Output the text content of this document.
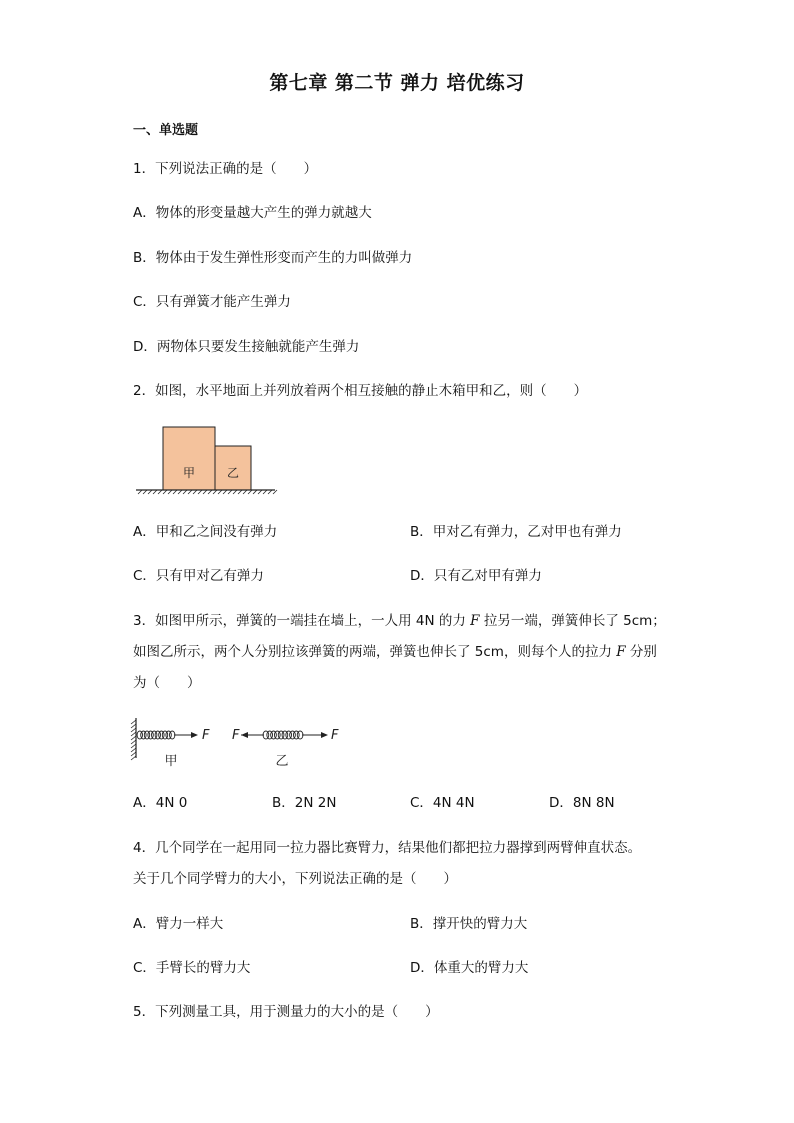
第七章 第二节 弹力 培优练习
一、单选题
1．下列说法正确的是（　　）
A．物体的形变量越大产生的弹力就越大
B．物体由于发生弹性形变而产生的力叫做弹力
C．只有弹簧才能产生弹力
D．两物体只要发生接触就能产生弹力
2．如图，水平地面上并列放着两个相互接触的静止木箱甲和乙，则（　　）
甲	乙
A．甲和乙之间没有弹力	B．甲对乙有弹力，乙对甲也有弹力
C．只有甲对乙有弹力	D．只有乙对甲有弹力
3．如图甲所示，弹簧的一端挂在墙上，一人用 4N 的力 F 拉另一端，弹簧伸长了 5cm；
如图乙所示，两个人分别拉该弹簧的两端，弹簧也伸长了 5cm，则每个人的拉力 F 分别
为（　　）
F
甲
F	F
乙
A．4N 0	B．2N 2N	C．4N 4N	D．8N 8N
4．几个同学在一起用同一拉力器比赛臂力，结果他们都把拉力器撑到两臂伸直状态。
关于几个同学臂力的大小，下列说法正确的是（　　）
A．臂力一样大	B．撑开快的臂力大
C．手臂长的臂力大	D．体重大的臂力大
5．下列测量工具，用于测量力的大小的是（　　）
